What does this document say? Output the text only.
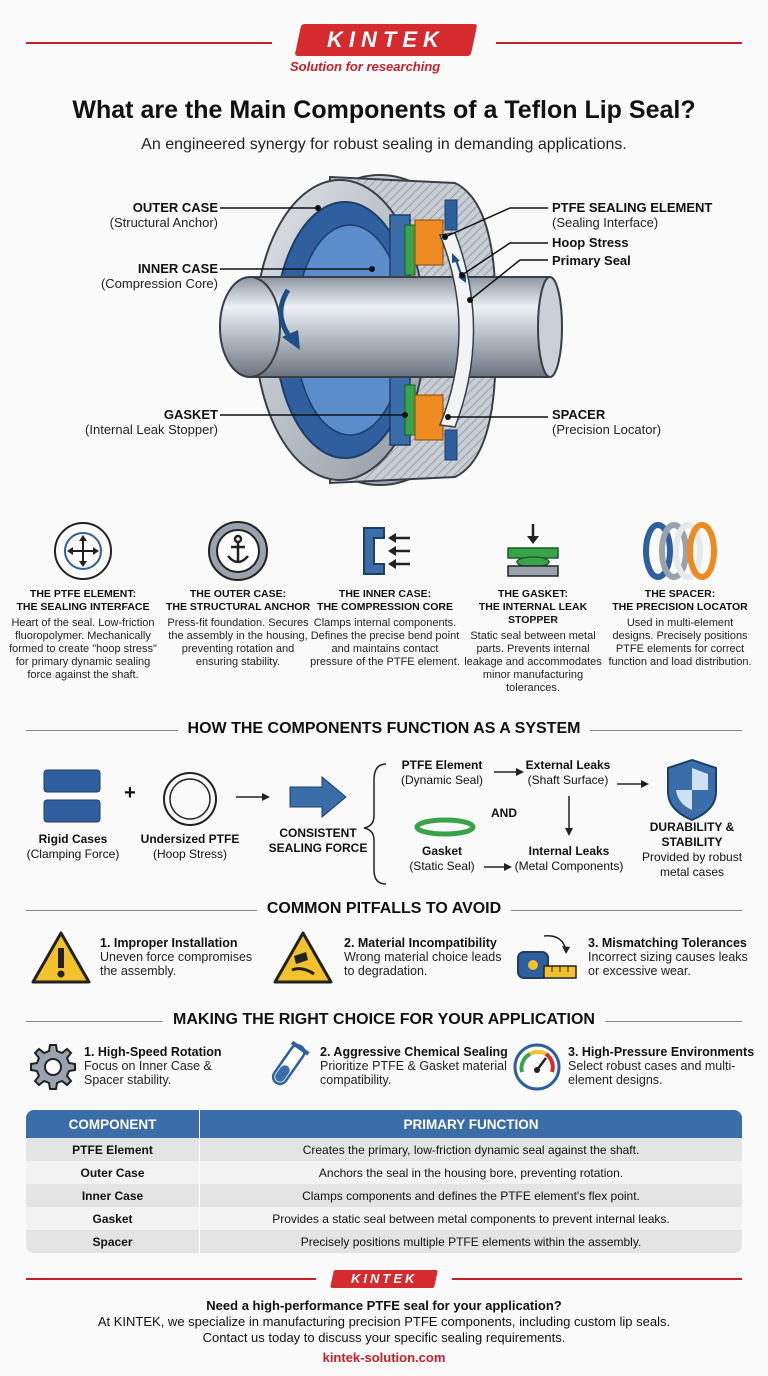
KINTEK
Solution for researching
What are the Main Components of a Teflon Lip Seal?
An engineered synergy for robust sealing in demanding applications.
OUTER CASE
(Structural Anchor)
INNER CASE
(Compression Core)
GASKET
(Internal Leak Stopper)
PTFE SEALING ELEMENT
(Sealing Interface)
Hoop Stress
Primary Seal
SPACER
(Precision Locator)
THE PTFE ELEMENT:
THE SEALING INTERFACE
Heart of the seal. Low-friction fluoropolymer. Mechanically formed to create "hoop stress" for primary dynamic sealing force against the shaft.
THE OUTER CASE:
THE STRUCTURAL ANCHOR
Press-fit foundation. Secures the assembly in the housing, preventing rotation and ensuring stability.
THE INNER CASE:
THE COMPRESSION CORE
Clamps internal components. Defines the precise bend point and maintains contact pressure of the PTFE element.
THE GASKET:
THE INTERNAL LEAK STOPPER
Static seal between metal parts. Prevents internal leakage and accommodates minor manufacturing tolerances.
THE SPACER:
THE PRECISION LOCATOR
Used in multi-element designs. Precisely positions PTFE elements for correct function and load distribution.
HOW THE COMPONENTS FUNCTION AS A SYSTEM
Rigid Cases
(Clamping Force)
+
Undersized PTFE
(Hoop Stress)
CONSISTENT
SEALING FORCE
PTFE Element
(Dynamic Seal)
External Leaks
(Shaft Surface)
AND
Gasket
(Static Seal)
Internal Leaks
(Metal Components)
DURABILITY &
STABILITY
Provided by robust metal cases
COMMON PITFALLS TO AVOID
1. Improper Installation
Uneven force compromises the assembly.
2. Material Incompatibility
Wrong material choice leads to degradation.
3. Mismatching Tolerances
Incorrect sizing causes leaks or excessive wear.
MAKING THE RIGHT CHOICE FOR YOUR APPLICATION
1. High-Speed Rotation
Focus on Inner Case & Spacer stability.
2. Aggressive Chemical Sealing
Prioritize PTFE & Gasket material compatibility.
3. High-Pressure Environments
Select robust cases and multi-element designs.
COMPONENT	PRIMARY FUNCTION
PTFE Element	Creates the primary, low-friction dynamic seal against the shaft.
Outer Case	Anchors the seal in the housing bore, preventing rotation.
Inner Case	Clamps components and defines the PTFE element's flex point.
Gasket	Provides a static seal between metal components to prevent internal leaks.
Spacer	Precisely positions multiple PTFE elements within the assembly.
KINTEK
Need a high-performance PTFE seal for your application?
At KINTEK, we specialize in manufacturing precision PTFE components, including custom lip seals.
Contact us today to discuss your specific sealing requirements.
kintek-solution.com
